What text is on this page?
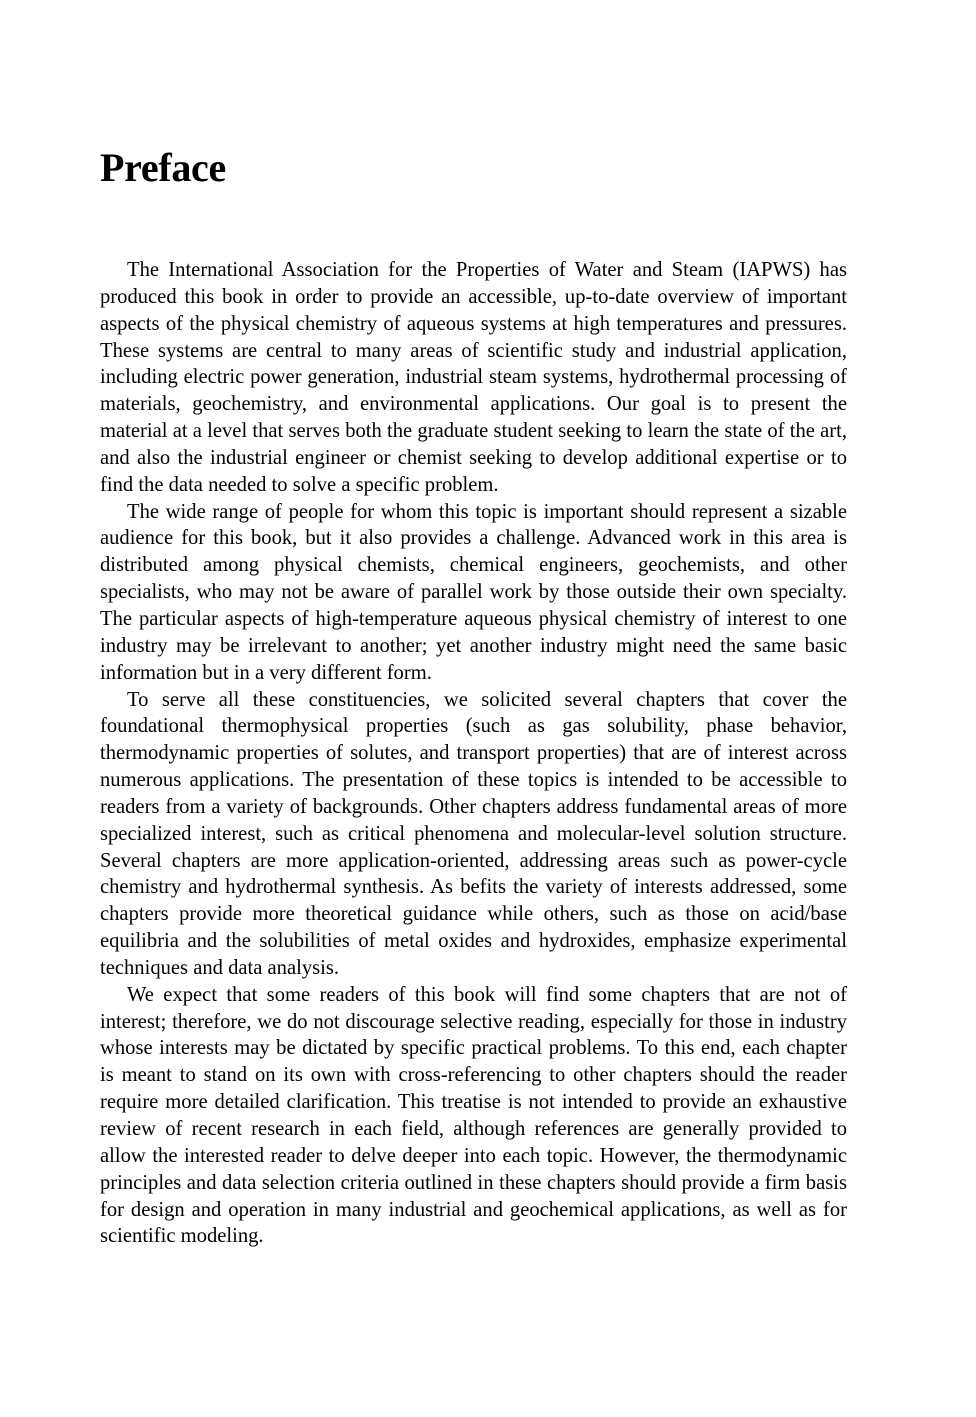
Preface

The International Association for the Properties of Water and Steam (IAPWS) has produced this book in order to provide an accessible, up-to-date overview of important aspects of the physical chemistry of aqueous systems at high temperatures and pressures. These systems are central to many areas of scientific study and industrial application, including electric power generation, industrial steam systems, hydrothermal processing of materials, geochemistry, and environmental applications. Our goal is to present the material at a level that serves both the graduate student seeking to learn the state of the art, and also the industrial engineer or chemist seeking to develop additional expertise or to find the data needed to solve a specific problem.

The wide range of people for whom this topic is important should represent a sizable audience for this book, but it also provides a challenge. Advanced work in this area is distributed among physical chemists, chemical engineers, geochemists, and other specialists, who may not be aware of parallel work by those outside their own specialty. The particular aspects of high-temperature aqueous physical chemistry of interest to one industry may be irrelevant to another; yet another industry might need the same basic information but in a very different form.

To serve all these constituencies, we solicited several chapters that cover the foundational thermophysical properties (such as gas solubility, phase behavior, thermodynamic properties of solutes, and transport properties) that are of interest across numerous applications. The presentation of these topics is intended to be accessible to readers from a variety of backgrounds. Other chapters address fundamental areas of more specialized interest, such as critical phenomena and molecular-level solution structure. Several chapters are more application-oriented, addressing areas such as power-cycle chemistry and hydrothermal synthesis. As befits the variety of interests addressed, some chapters provide more theoretical guidance while others, such as those on acid/base equilibria and the solubilities of metal oxides and hydroxides, emphasize experimental techniques and data analysis.

We expect that some readers of this book will find some chapters that are not of interest; therefore, we do not discourage selective reading, especially for those in industry whose interests may be dictated by specific practical problems. To this end, each chapter is meant to stand on its own with cross-referencing to other chapters should the reader require more detailed clarification. This treatise is not intended to provide an exhaustive review of recent research in each field, although references are generally provided to allow the interested reader to delve deeper into each topic. However, the thermodynamic principles and data selection criteria outlined in these chapters should provide a firm basis for design and operation in many industrial and geochemical applications, as well as for scientific modeling.
